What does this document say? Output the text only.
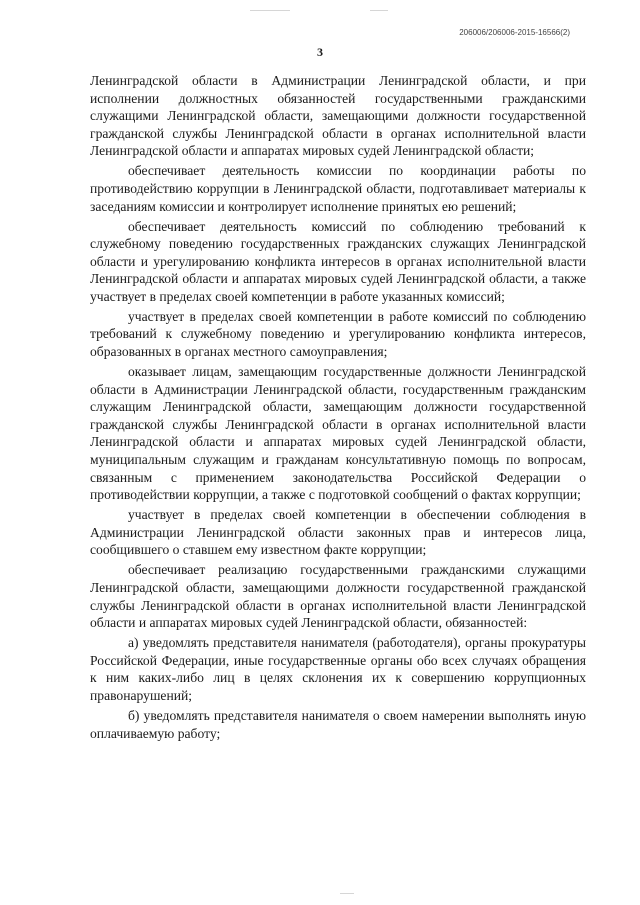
206006/206006-2015-16566(2)
3

Ленинградской области в Администрации Ленинградской области, и при исполнении должностных обязанностей государственными гражданскими служащими Ленинградской области, замещающими должности государственной гражданской службы Ленинградской области в органах исполнительной власти Ленинградской области и аппаратах мировых судей Ленинградской области;

обеспечивает деятельность комиссии по координации работы по противодействию коррупции в Ленинградской области, подготавливает материалы к заседаниям комиссии и контролирует исполнение принятых ею решений;

обеспечивает деятельность комиссий по соблюдению требований к служебному поведению государственных гражданских служащих Ленинградской области и урегулированию конфликта интересов в органах исполнительной власти Ленинградской области и аппаратах мировых судей Ленинградской области, а также участвует в пределах своей компетенции в работе указанных комиссий;

участвует в пределах своей компетенции в работе комиссий по соблюдению требований к служебному поведению и урегулированию конфликта интересов, образованных в органах местного самоуправления;

оказывает лицам, замещающим государственные должности Ленинградской области в Администрации Ленинградской области, государственным гражданским служащим Ленинградской области, замещающим должности государственной гражданской службы Ленинградской области в органах исполнительной власти Ленинградской области и аппаратах мировых судей Ленинградской области, муниципальным служащим и гражданам консультативную помощь по вопросам, связанным с применением законодательства Российской Федерации о противодействии коррупции, а также с подготовкой сообщений о фактах коррупции;

участвует в пределах своей компетенции в обеспечении соблюдения в Администрации Ленинградской области законных прав и интересов лица, сообщившего о ставшем ему известном факте коррупции;

обеспечивает реализацию государственными гражданскими служащими Ленинградской области, замещающими должности государственной гражданской службы Ленинградской области в органах исполнительной власти Ленинградской области и аппаратах мировых судей Ленинградской области, обязанностей:

а) уведомлять представителя нанимателя (работодателя), органы прокуратуры Российской Федерации, иные государственные органы обо всех случаях обращения к ним каких-либо лиц в целях склонения их к совершению коррупционных правонарушений;

б) уведомлять представителя нанимателя о своем намерении выполнять иную оплачиваемую работу;
